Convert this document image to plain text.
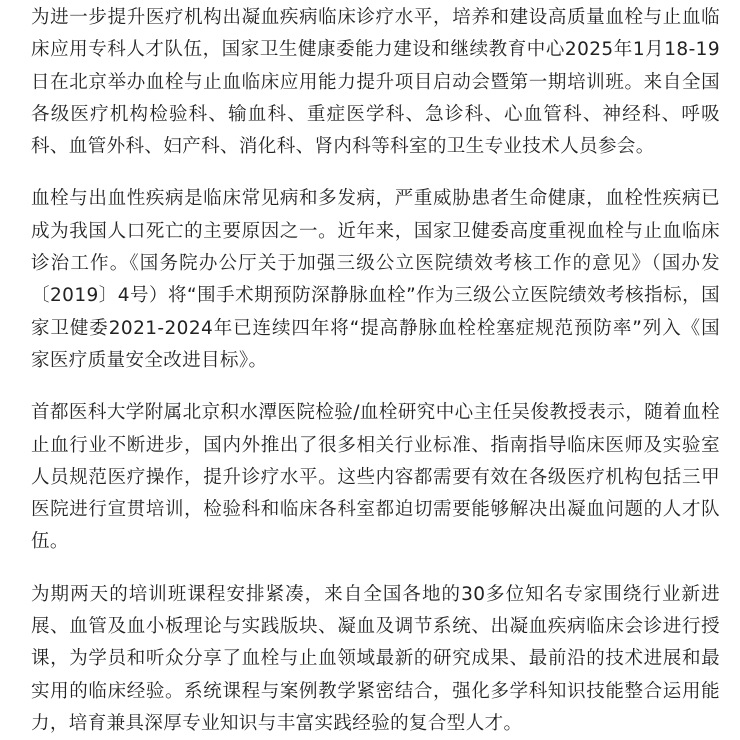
为进一步提升医疗机构出凝血疾病临床诊疗水平，培养和建设高质量血栓与止血临床应用专科人才队伍，国家卫生健康委能力建设和继续教育中心2025年1月18-19日在北京举办血栓与止血临床应用能力提升项目启动会暨第一期培训班。来自全国各级医疗机构检验科、输血科、重症医学科、急诊科、心血管科、神经科、呼吸科、血管外科、妇产科、消化科、肾内科等科室的卫生专业技术人员参会。

血栓与出血性疾病是临床常见病和多发病，严重威胁患者生命健康，血栓性疾病已成为我国人口死亡的主要原因之一。近年来，国家卫健委高度重视血栓与止血临床诊治工作。《国务院办公厅关于加强三级公立医院绩效考核工作的意见》（国办发〔2019〕4号）将“围手术期预防深静脉血栓”作为三级公立医院绩效考核指标，国家卫健委2021-2024年已连续四年将“提高静脉血栓栓塞症规范预防率”列入《国家医疗质量安全改进目标》。

首都医科大学附属北京积水潭医院检验/血栓研究中心主任吴俊教授表示，随着血栓止血行业不断进步，国内外推出了很多相关行业标准、指南指导临床医师及实验室人员规范医疗操作，提升诊疗水平。这些内容都需要有效在各级医疗机构包括三甲医院进行宣贯培训，检验科和临床各科室都迫切需要能够解决出凝血问题的人才队伍。

为期两天的培训班课程安排紧凑，来自全国各地的30多位知名专家围绕行业新进展、血管及血小板理论与实践版块、凝血及调节系统、出凝血疾病临床会诊进行授课，为学员和听众分享了血栓与止血领域最新的研究成果、最前沿的技术进展和最实用的临床经验。系统课程与案例教学紧密结合，强化多学科知识技能整合运用能力，培育兼具深厚专业知识与丰富实践经验的复合型人才。
